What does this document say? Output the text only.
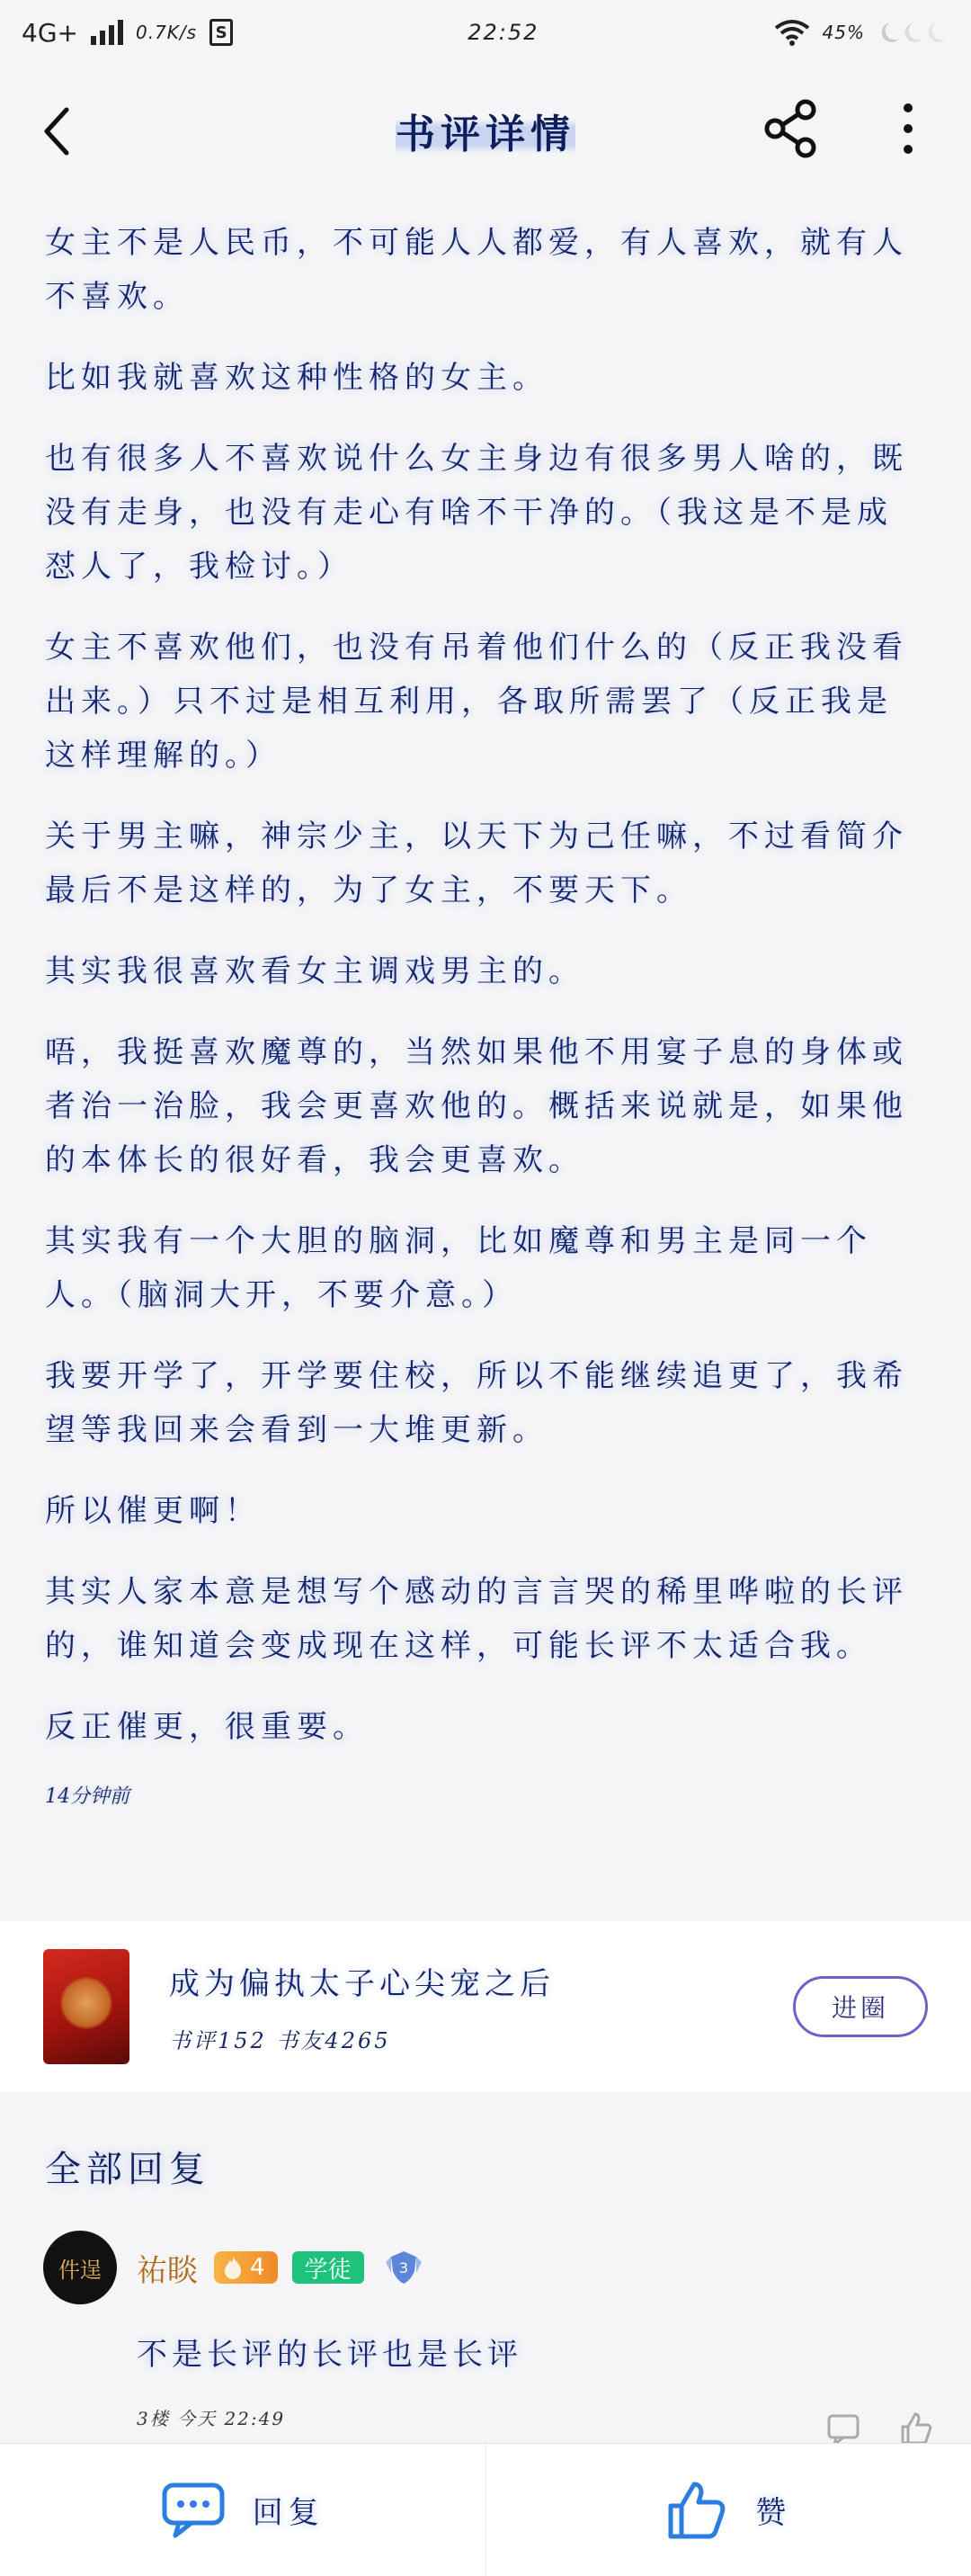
4G+	0.7K/s	S	22:52	45%
书评详情

女主不是人民币，不可能人人都爱，有人喜欢，就有人不喜欢。

比如我就喜欢这种性格的女主。

也有很多人不喜欢说什么女主身边有很多男人啥的，既没有走身，也没有走心有啥不干净的。（我这是不是成怼人了，我检讨。）

女主不喜欢他们，也没有吊着他们什么的（反正我没看出来。）只不过是相互利用，各取所需罢了（反正我是这样理解的。）

关于男主嘛，神宗少主，以天下为己任嘛，不过看简介最后不是这样的，为了女主，不要天下。

其实我很喜欢看女主调戏男主的。

唔，我挺喜欢魔尊的，当然如果他不用宴子息的身体或者治一治脸，我会更喜欢他的。概括来说就是，如果他的本体长的很好看，我会更喜欢。

其实我有一个大胆的脑洞，比如魔尊和男主是同一个人。（脑洞大开，不要介意。）

我要开学了，开学要住校，所以不能继续追更了，我希望等我回来会看到一大堆更新。

所以催更啊！

其实人家本意是想写个感动的言言哭的稀里哗啦的长评的，谁知道会变成现在这样，可能长评不太适合我。

反正催更，很重要。

14分钟前
成为偏执太子心尖宠之后
书评152 书友4265
进圈
全部回复
件逞	祐睒 4	学徒	3
不是长评的长评也是长评
3楼 今天 22:49
回复	赞
